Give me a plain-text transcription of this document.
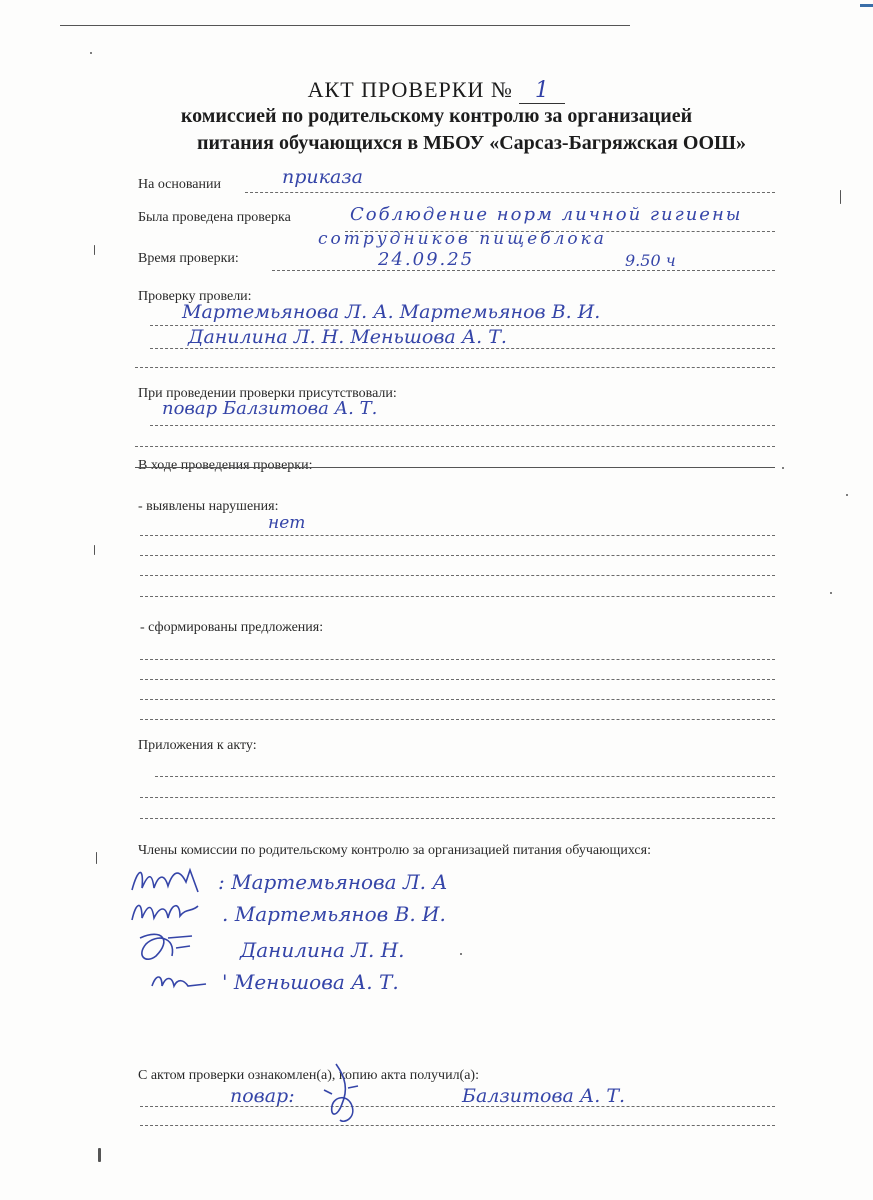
АКТ ПРОВЕРКИ № 1
комиссией по родительскому контролю за организацией
питания обучающихся в МБОУ «Сарсаз-Багряжская ООШ»
На основании	приказа
Была проведена проверка	Соблюдение норм личной гигиены
сотрудников пищеблока
Время проверки:	24.09.25	9.50 ч
Проверку провели:
Мартемьянова Л. А. Мартемьянов В. И.
Данилина Л. Н. Меньшова А. Т.
При проведении проверки присутствовали:
повар Балзитова А. Т.
В ходе проведения проверки:
- выявлены нарушения:
нет
- сформированы предложения:
Приложения к акту:
Члены комиссии по родительскому контролю за организацией питания обучающихся:
: Мартемьянова Л. А
. Мартемьянов В. И.
Данилина Л. Н.
' Меньшова А. Т.
С актом проверки ознакомлен(а), копию акта получил(а):
повар:	Балзитова А. Т.
